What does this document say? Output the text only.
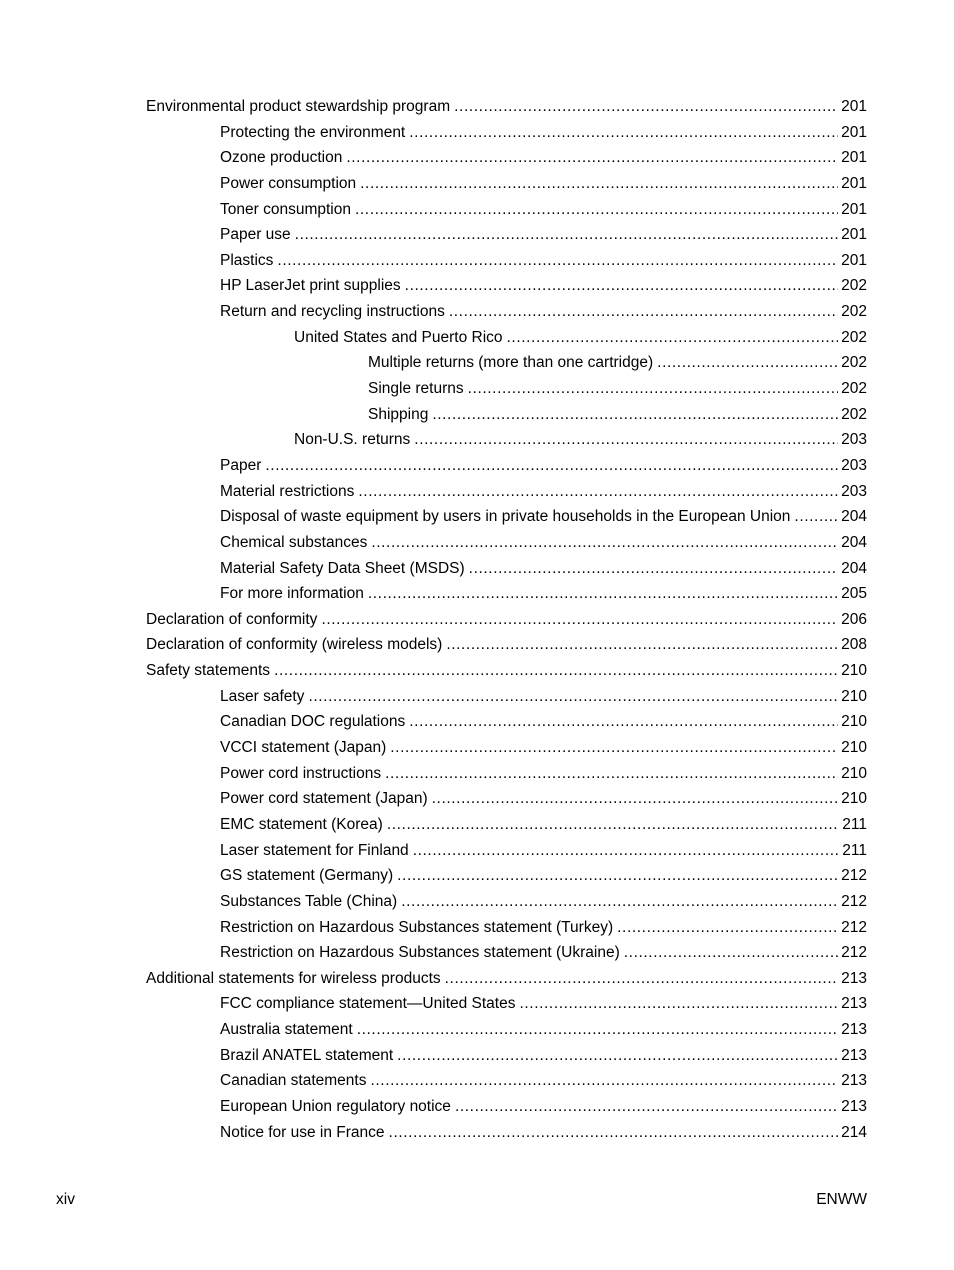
Environmental product stewardship program .....	201
Protecting the environment .....	201
Ozone production .....	201
Power consumption .....	201
Toner consumption .....	201
Paper use .....	201
Plastics .....	201
HP LaserJet print supplies .....	202
Return and recycling instructions .....	202
United States and Puerto Rico .....	202
Multiple returns (more than one cartridge) .....	202
Single returns .....	202
Shipping .....	202
Non-U.S. returns .....	203
Paper .....	203
Material restrictions .....	203
Disposal of waste equipment by users in private households in the European Union .....	204
Chemical substances .....	204
Material Safety Data Sheet (MSDS) .....	204
For more information .....	205
Declaration of conformity .....	206
Declaration of conformity (wireless models) .....	208
Safety statements .....	210
Laser safety .....	210
Canadian DOC regulations .....	210
VCCI statement (Japan) .....	210
Power cord instructions .....	210
Power cord statement (Japan) .....	210
EMC statement (Korea) .....	211
Laser statement for Finland .....	211
GS statement (Germany) .....	212
Substances Table (China) .....	212
Restriction on Hazardous Substances statement (Turkey) .....	212
Restriction on Hazardous Substances statement (Ukraine) .....	212
Additional statements for wireless products .....	213
FCC compliance statement—United States .....	213
Australia statement .....	213
Brazil ANATEL statement .....	213
Canadian statements .....	213
European Union regulatory notice .....	213
Notice for use in France .....	214
xiv	ENWW
